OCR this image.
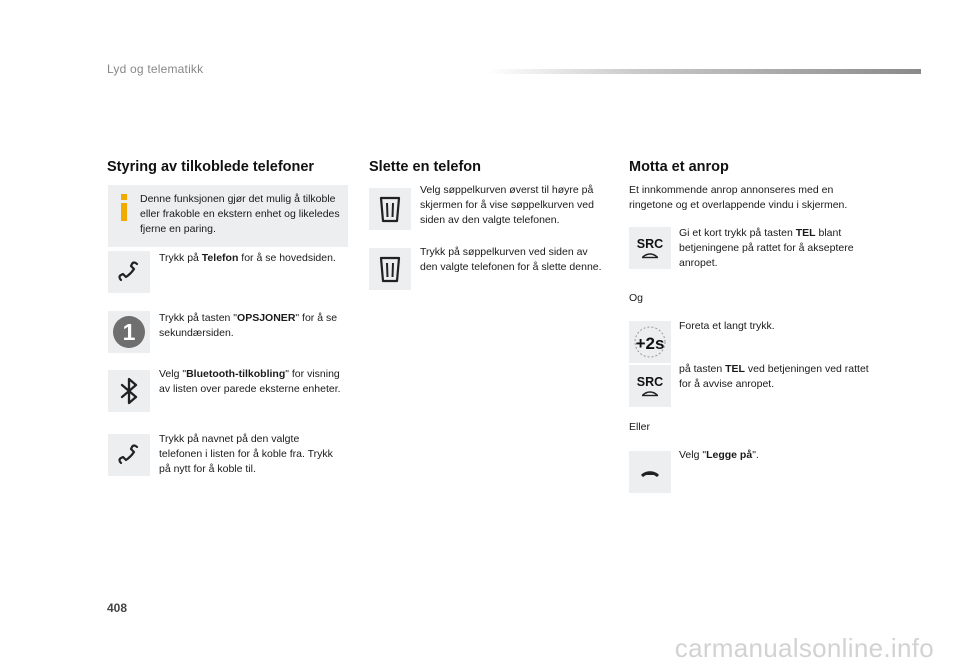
Lyd og telematikk
Styring av tilkoblede telefoner
Denne funksjonen gjør det mulig å tilkoble eller frakoble en ekstern enhet og likeledes fjerne en paring.
Trykk på Telefon for å se hovedsiden.
1
Trykk på tasten "OPSJONER" for å se sekundærsiden.
Velg "Bluetooth-tilkobling" for visning av listen over parede eksterne enheter.
Trykk på navnet på den valgte telefonen i listen for å koble fra. Trykk på nytt for å koble til.
Slette en telefon
Velg søppelkurven øverst til høyre på skjermen for å vise søppelkurven ved siden av den valgte telefonen.
Trykk på søppelkurven ved siden av den valgte telefonen for å slette denne.
Motta et anrop
Et innkommende anrop annonseres med en ringetone og et overlappende vindu i skjermen.
SRC
Gi et kort trykk på tasten TEL blant betjeningene på rattet for å akseptere anropet.
Og
+2s
Foreta et langt trykk.
SRC
på tasten TEL ved betjeningen ved rattet for å avvise anropet.
Eller
Velg "Legge på".
408
carmanualsonline.info
